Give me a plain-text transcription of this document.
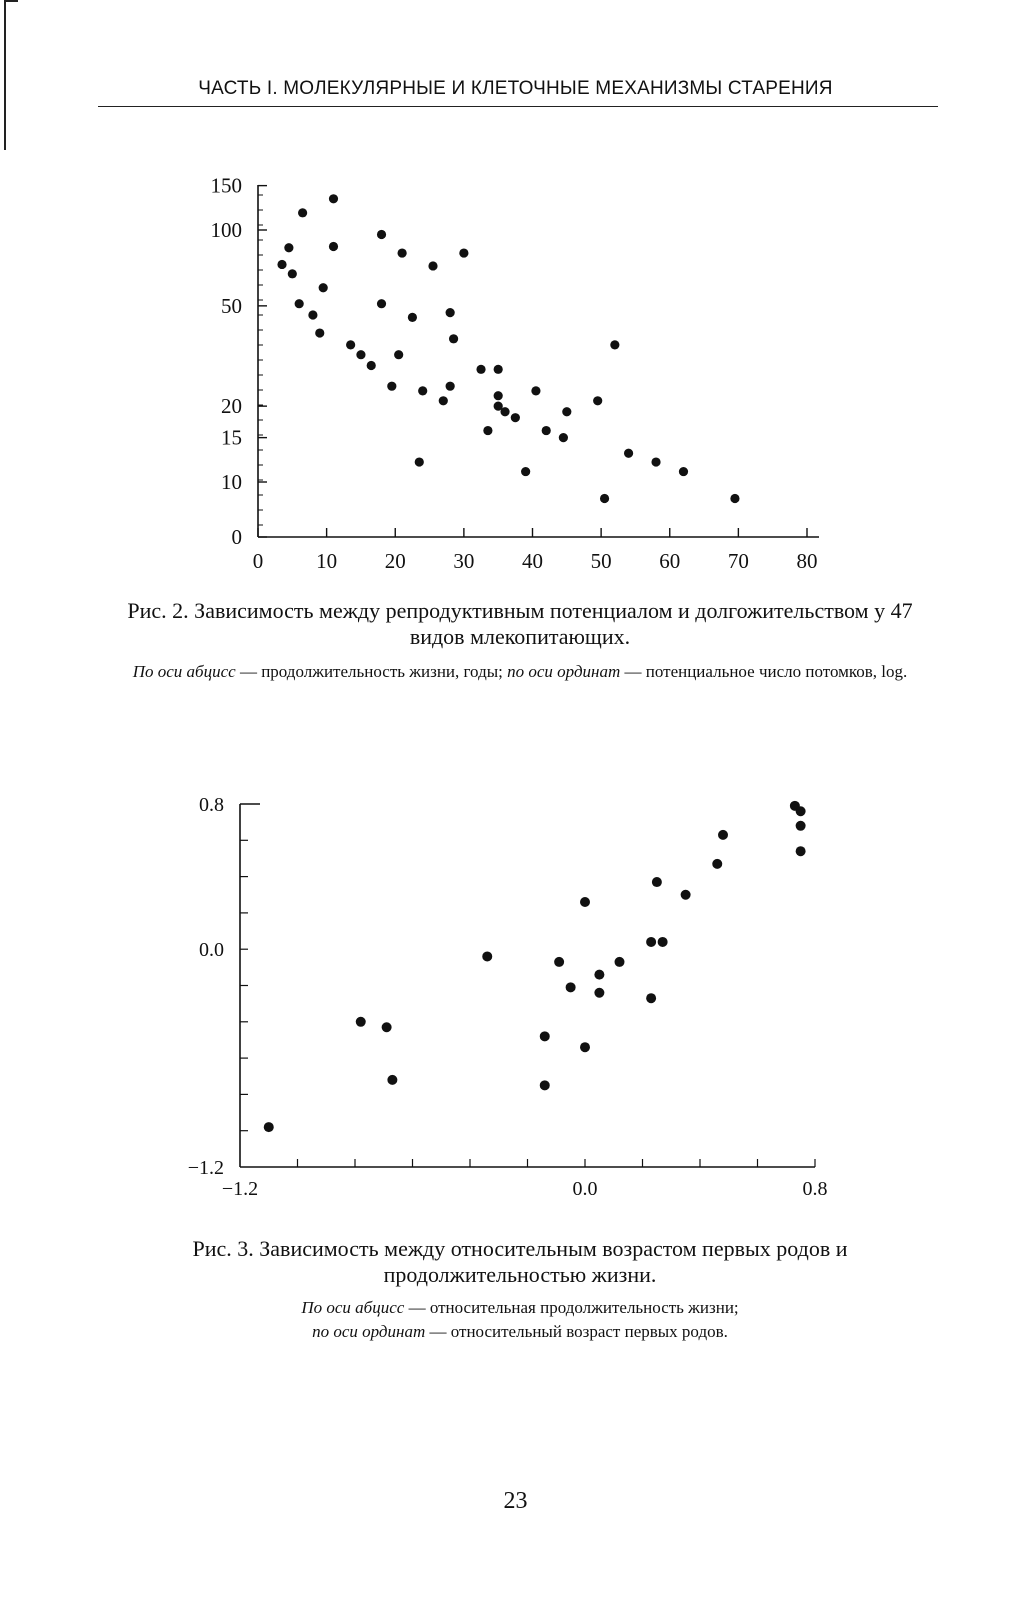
ЧАСТЬ I. МОЛЕКУЛЯРНЫЕ И КЛЕТОЧНЫЕ МЕХАНИЗМЫ СТАРЕНИЯ
0
10
15
20
50
100
150
0	10 20 30 40 50 60 70 80
Рис. 2. Зависимость между репродуктивным потенциалом и долгожительством у 47 видов млекопитающих.
По оси абцисс — продолжительность жизни, годы; по оси ординат — потенциальное число потомков, log.
−1.2
0.0
0.8
−1.2	0.0	0.8
Рис. 3. Зависимость между относительным возрастом первых родов и продолжительностью жизни.
По оси абцисс — относительная продолжительность жизни;
по оси ординат — относительный возраст первых родов.
23
